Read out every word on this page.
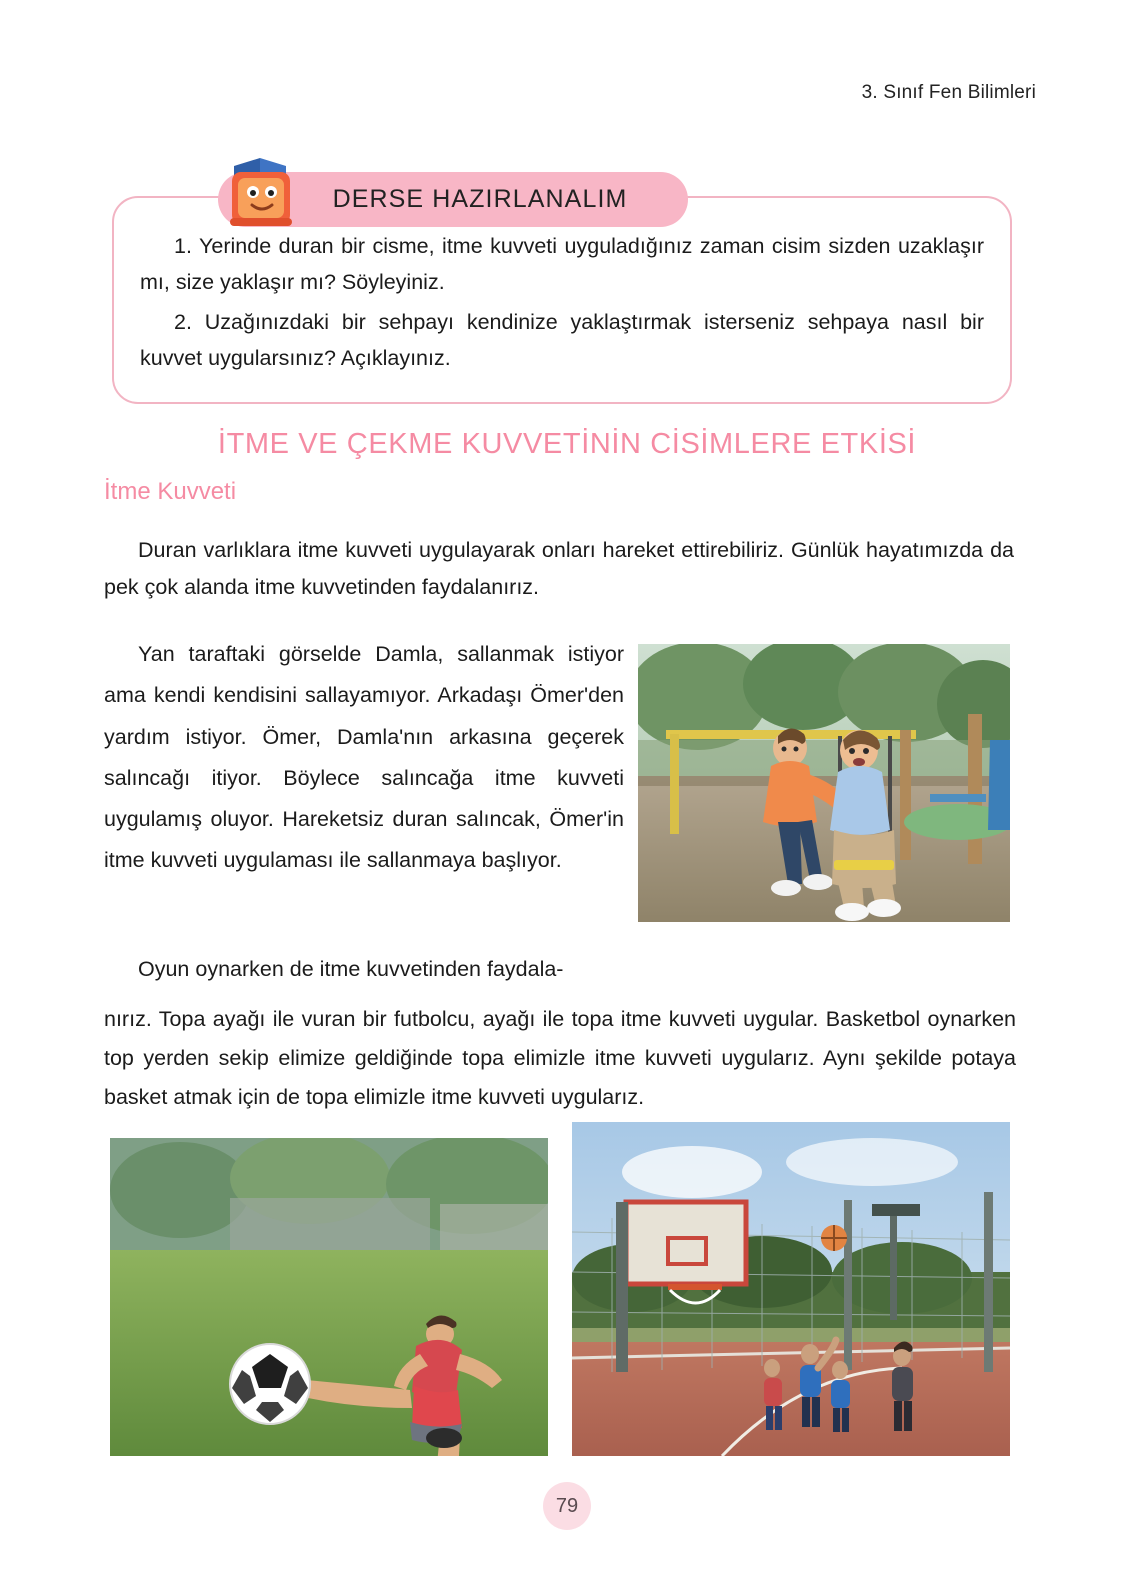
3. Sınıf Fen Bilimleri

1. Yerinde duran bir cisme, itme kuvveti uyguladığınız zaman cisim sizden uzaklaşır mı, size yaklaşır mı? Söyleyiniz.

2. Uzağınızdaki bir sehpayı kendinize yaklaştırmak isterseniz sehpaya nasıl bir kuvvet uygularsınız? Açıklayınız.

DERSE HAZIRLANALIM
İTME VE ÇEKME KUVVETİNİN CİSİMLERE ETKİSİ
İtme Kuvveti
Duran varlıklara itme kuvveti uygulayarak onları hareket ettirebiliriz. Günlük hayatımızda da pek çok alanda itme kuvvetinden faydalanırız.
Yan taraftaki görselde Damla, sallanmak istiyor ama kendi kendisini sallayamıyor. Arkadaşı Ömer'den yardım istiyor. Ömer, Damla'nın arkasına geçerek salıncağı itiyor. Böylece salıncağa itme kuvveti uygulamış oluyor. Hareketsiz duran salıncak, Ömer'in itme kuvveti uygulaması ile sallanmaya başlıyor.
Oyun oynarken de itme kuvvetinden faydala-
nırız. Topa ayağı ile vuran bir futbolcu, ayağı ile topa itme kuvveti uygular. Basketbol oynarken top yerden sekip elimize geldiğinde topa elimizle itme kuvveti uygularız. Aynı şekilde potaya basket atmak için de topa elimizle itme kuvveti uygularız.
79
